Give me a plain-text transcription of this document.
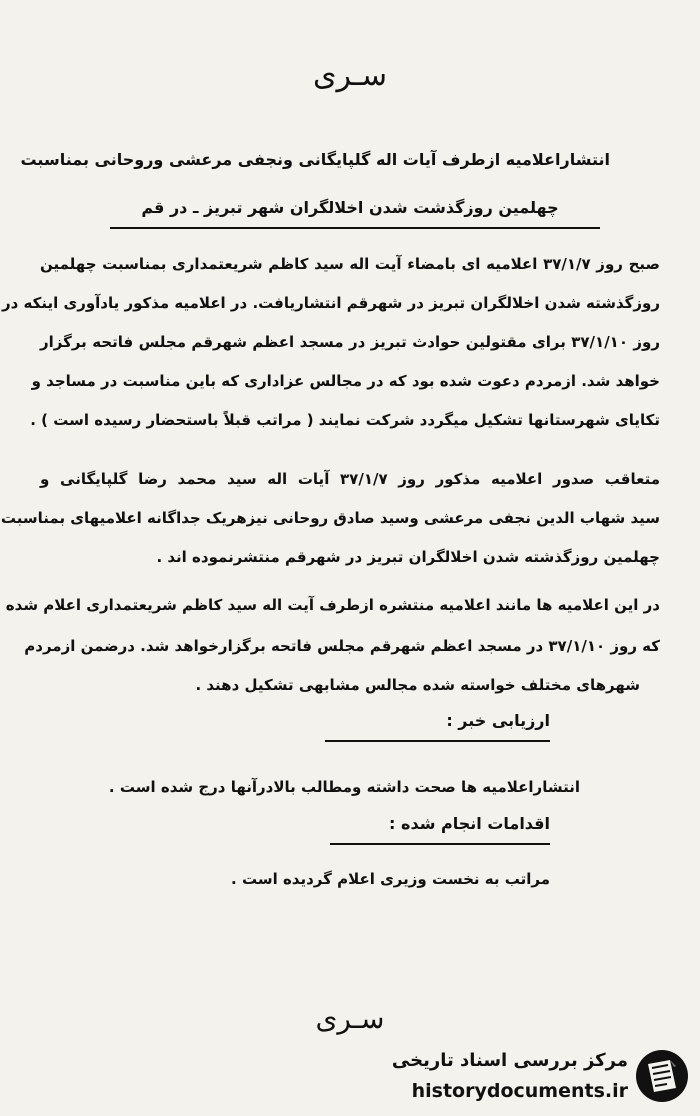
سـری
انتشاراعلامیه ازطرف آیات اله گلپایگانی ونجفی مرعشی وروحانی بمناسبت
چهلمین روزگذشت شدن اخلالگران شهر تبریز ـ در قم
صبح روز ۳۷/۱/۷ اعلامیه ای بامضاء آیت اله سید کاظم شریعتمداری بمناسبت چهلمین
روزگذشته شدن اخلالگران تبریز در شهرقم انتشاریافت. در اعلامیه مذکور یادآوری اینکه در
روز ۳۷/۱/۱۰ برای مقتولین حوادث تبریز در مسجد اعظم شهرقم مجلس فاتحه برگزار
خواهد شد. ازمردم دعوت شده بود که در مجالس عزاداری که باین مناسبت در مساجد و
تکایای شهرستانها تشکیل میگردد شرکت نمایند ( مراتب قبلاً باستحضار رسیده است ) .
متعاقب صدور اعلامیه مذکور روز ۳۷/۱/۷ آیات اله سید محمد رضا گلپایگانی و
سید شهاب الدین نجفی مرعشی وسید صادق روحانی نیزهریک جداگانه اعلامیهای بمناسبت
چهلمین روزگذشته شدن اخلالگران تبریز در شهرقم منتشرنموده اند .
در این اعلامیه ها مانند اعلامیه منتشره ازطرف آیت اله سید کاظم شریعتمداری اعلام شده
که روز ۳۷/۱/۱۰ در مسجد اعظم شهرقم مجلس فاتحه برگزارخواهد شد. درضمن ازمردم
شهرهای مختلف خواسته شده مجالس مشابهی تشکیل دهند .
ارزیابی خبر :
انتشاراعلامیه ها صحت داشته ومطالب بالادرآنها درج شده است .
اقدامات انجام شده :
مراتب به نخست وزیری اعلام گردیده است .
سـری
مرکز بررسی اسناد تاریخی
historydocuments.ir
